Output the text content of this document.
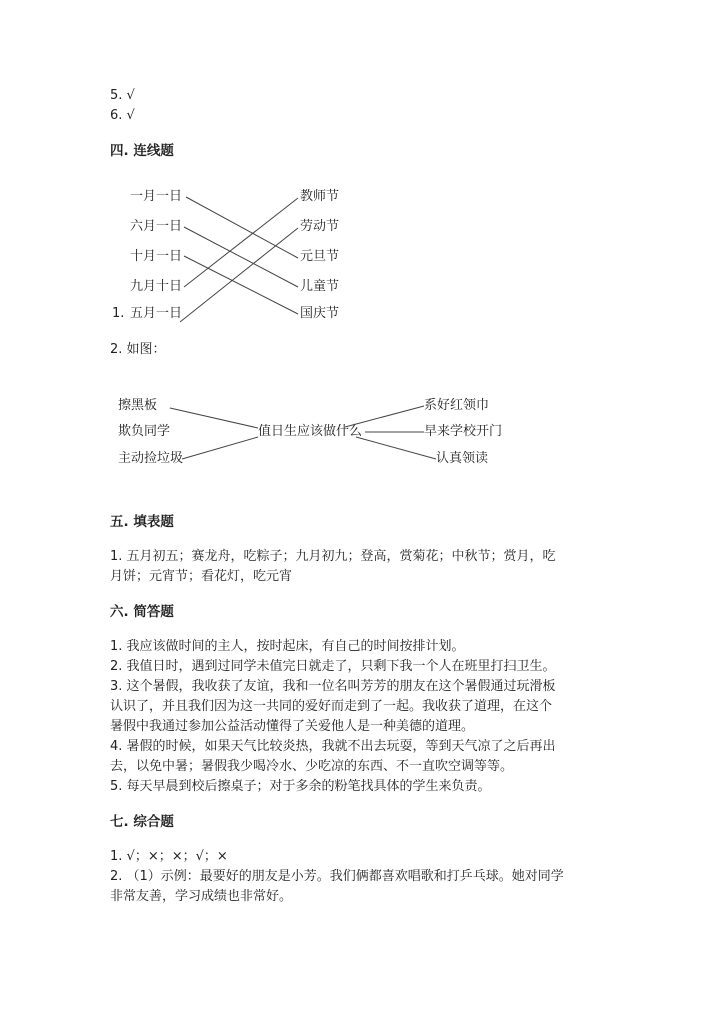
5. √
6. √
四. 连线题
1.
一月一日
六月一日
十月一日
九月十日
五月一日
教师节
劳动节
元旦节
儿童节
国庆节
2. 如图：
擦黑板
欺负同学
主动捡垃圾
值日生应该做什么
系好红领巾
早来学校开门
认真领读
五. 填表题
1. 五月初五；赛龙舟，吃粽子；九月初九；登高，赏菊花；中秋节；赏月，吃
月饼；元宵节；看花灯，吃元宵
六. 简答题
1. 我应该做时间的主人，按时起床，有自己的时间按排计划。
2. 我值日时，遇到过同学未值完日就走了，只剩下我一个人在班里打扫卫生。
3. 这个暑假，我收获了友谊，我和一位名叫芳芳的朋友在这个暑假通过玩滑板
认识了，并且我们因为这一共同的爱好而走到了一起。我收获了道理，在这个
暑假中我通过参加公益活动懂得了关爱他人是一种美德的道理。
4. 暑假的时候，如果天气比较炎热，我就不出去玩耍，等到天气凉了之后再出
去，以免中暑；暑假我少喝冷水、少吃凉的东西、不一直吹空调等等。
5. 每天早晨到校后擦桌子；对于多余的粉笔找具体的学生来负责。
七. 综合题
1. √；×；×；√；×
2. （1）示例：最要好的朋友是小芳。我们俩都喜欢唱歌和打乒乓球。她对同学
非常友善，学习成绩也非常好。
